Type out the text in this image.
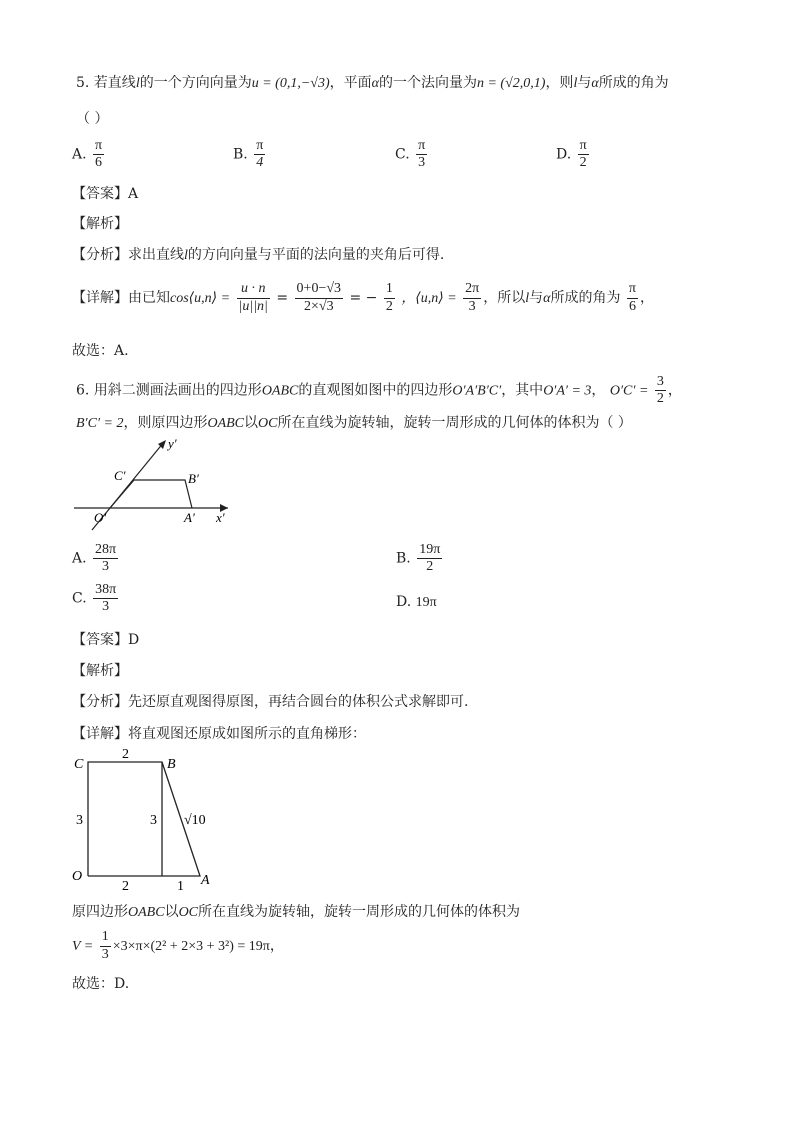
5. 若直线l的一个方向向量为u = (0,1,−√3)，平面α的一个法向量为n = (√2,0,1)，则l与α所成的角为
（ ）
A. $\frac{\pi}{6}$	B. $\frac{\pi}{4}$	C. $\frac{\pi}{3}$	D. $\frac{\pi}{2}$
【答案】A
【解析】
【分析】求出直线l的方向向量与平面的法向量的夹角后可得.
【详解】由已知cos⟨u,n⟩ = $\frac{u \cdot n}{|u||n|} = \frac{0+0-√3}{2\times√3}$ = − $\frac{1}{2}$ ，⟨u,n⟩ = $\frac{2\pi}{3}$ ，所以l与α所成的角为 $\frac{\pi}{6}$ ，
故选：A.
6. 用斜二测画法画出的四边形OABC的直观图如图中的四边形O′A′B′C′，其中O′A′ = 3， $O'C' = \frac{3}{2}$ ，
B′C′ = 2，则原四边形OABC以OC所在直线为旋转轴，旋转一周形成的几何体的体积为（ ）
y′
C′	B′
O′	A′ x′
A. $\frac{28\pi}{3}$	B. $\frac{19\pi}{2}$
C. $\frac{38\pi}{3}$	D. 19π
【答案】D
【解析】
【分析】先还原直观图得原图，再结合圆台的体积公式求解即可.
【详解】将直观图还原成如图所示的直角梯形：
C	B
O	A
2
3	3 √10
2	1
原四边形OABC以OC所在直线为旋转轴，旋转一周形成的几何体的体积为
$V = \frac{1}{3} \times 3\times\pi\times(2^2 + 2\times 3 + 3^2) = 19\pi$，
故选：D.
